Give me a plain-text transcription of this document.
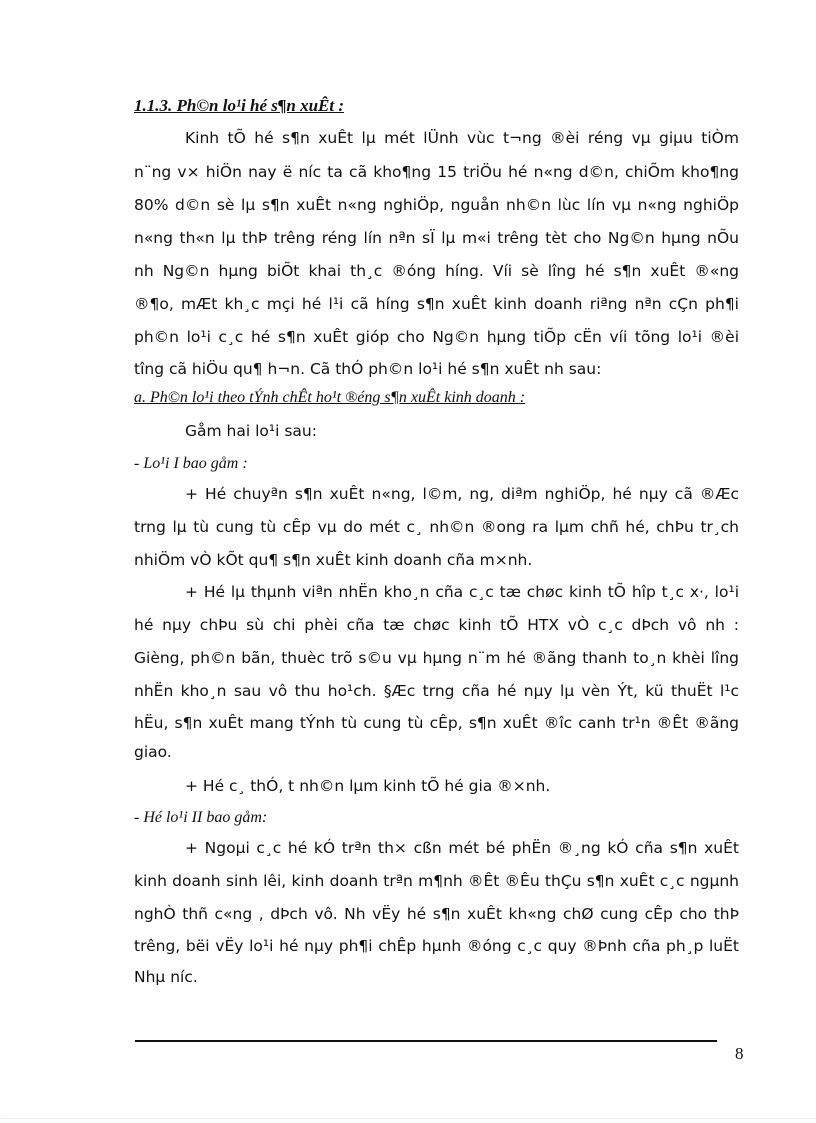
1.1.3. Ph©n lo¹i hé s¶n xuÊt :
Kinh tÕ hé s¶n xuÊt lµ mét lÜnh vùc t¬ng ®èi réng vµ giµu tiÒm
n¨ng v× hiÖn nay ë níc ta cã kho¶ng 15 triÖu hé n«ng d©n, chiÕm kho¶ng
80% d©n sè lµ s¶n xuÊt n«ng nghiÖp, nguån nh©n lùc lín vµ n«ng nghiÖp
n«ng th«n lµ thÞ trêng réng lín nªn sÏ lµ m«i trêng tèt cho Ng©n hµng nÕu
nh Ng©n hµng biÕt khai th¸c ®óng híng. Víi sè lîng hé s¶n xuÊt ®«ng
®¶o, mÆt kh¸c mçi hé l¹i cã híng s¶n xuÊt kinh doanh riªng nªn cÇn ph¶i
ph©n lo¹i c¸c hé s¶n xuÊt gióp cho Ng©n hµng tiÕp cËn víi tõng lo¹i ®èi
tîng cã hiÖu qu¶ h¬n. Cã thÓ ph©n lo¹i hé s¶n xuÊt nh sau:
a. Ph©n lo¹i theo tÝnh chÊt ho¹t ®éng s¶n xuÊt kinh doanh :
Gåm hai lo¹i sau:
- Lo¹i I bao gåm :
+ Hé chuyªn s¶n xuÊt n«ng, l©m, ng, diªm nghiÖp, hé nµy cã ®Æc
trng lµ tù cung tù cÊp vµ do mét c¸ nh©n ®ong ra lµm chñ hé, chÞu tr¸ch
nhiÖm vÒ kÕt qu¶ s¶n xuÊt kinh doanh cña m×nh.
+ Hé lµ thµnh viªn nhËn kho¸n cña c¸c tæ chøc kinh tÕ hîp t¸c x·, lo¹i
hé nµy chÞu sù chi phèi cña tæ chøc kinh tÕ HTX vÒ c¸c dÞch vô nh :
Gièng, ph©n bãn, thuèc trõ s©u vµ hµng n¨m hé ®ãng thanh to¸n khèi lîng
nhËn kho¸n sau vô thu ho¹ch. §Æc trng cña hé nµy lµ vèn Ýt, kü thuËt l¹c
hËu, s¶n xuÊt mang tÝnh tù cung tù cÊp, s¶n xuÊt ®îc canh tr¹n ®Êt ®ãng
giao.
+ Hé c¸ thÓ, t nh©n lµm kinh tÕ hé gia ®×nh.
- Hé lo¹i II bao gåm:
+ Ngoµi c¸c hé kÓ trªn th× cßn mét bé phËn ®¸ng kÓ cña s¶n xuÊt
kinh doanh sinh lêi, kinh doanh trªn m¶nh ®Êt ®Êu thÇu s¶n xuÊt c¸c ngµnh
nghÒ thñ c«ng , dÞch vô. Nh vËy hé s¶n xuÊt kh«ng chØ cung cÊp cho thÞ
trêng, bëi vËy lo¹i hé nµy ph¶i chÊp hµnh ®óng c¸c quy ®Þnh cña ph¸p luËt
Nhµ níc.
8
